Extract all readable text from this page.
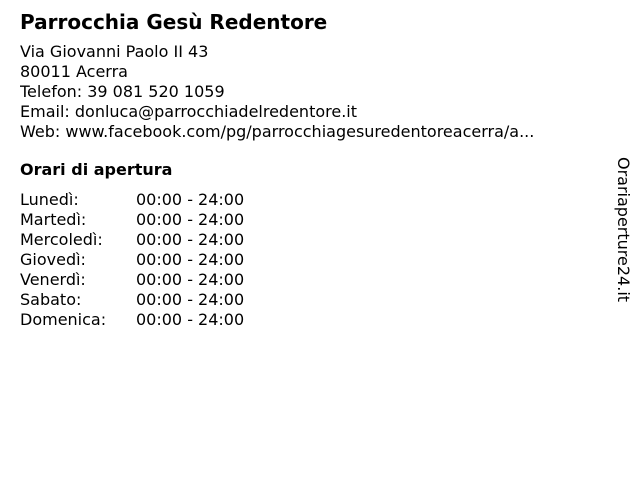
Parrocchia Gesù Redentore
Via Giovanni Paolo II 43
80011 Acerra
Telefon: 39 081 520 1059
Email: donluca@parrocchiadelredentore.it
Web: www.facebook.com/pg/parrocchiagesuredentoreacerra/a...
Orari di apertura
Lunedì:	00:00 - 24:00
Martedì:	00:00 - 24:00
Mercoledì:	00:00 - 24:00
Giovedì:	00:00 - 24:00
Venerdì:	00:00 - 24:00
Sabato:	00:00 - 24:00
Domenica:	00:00 - 24:00
Orariaperture24.it
